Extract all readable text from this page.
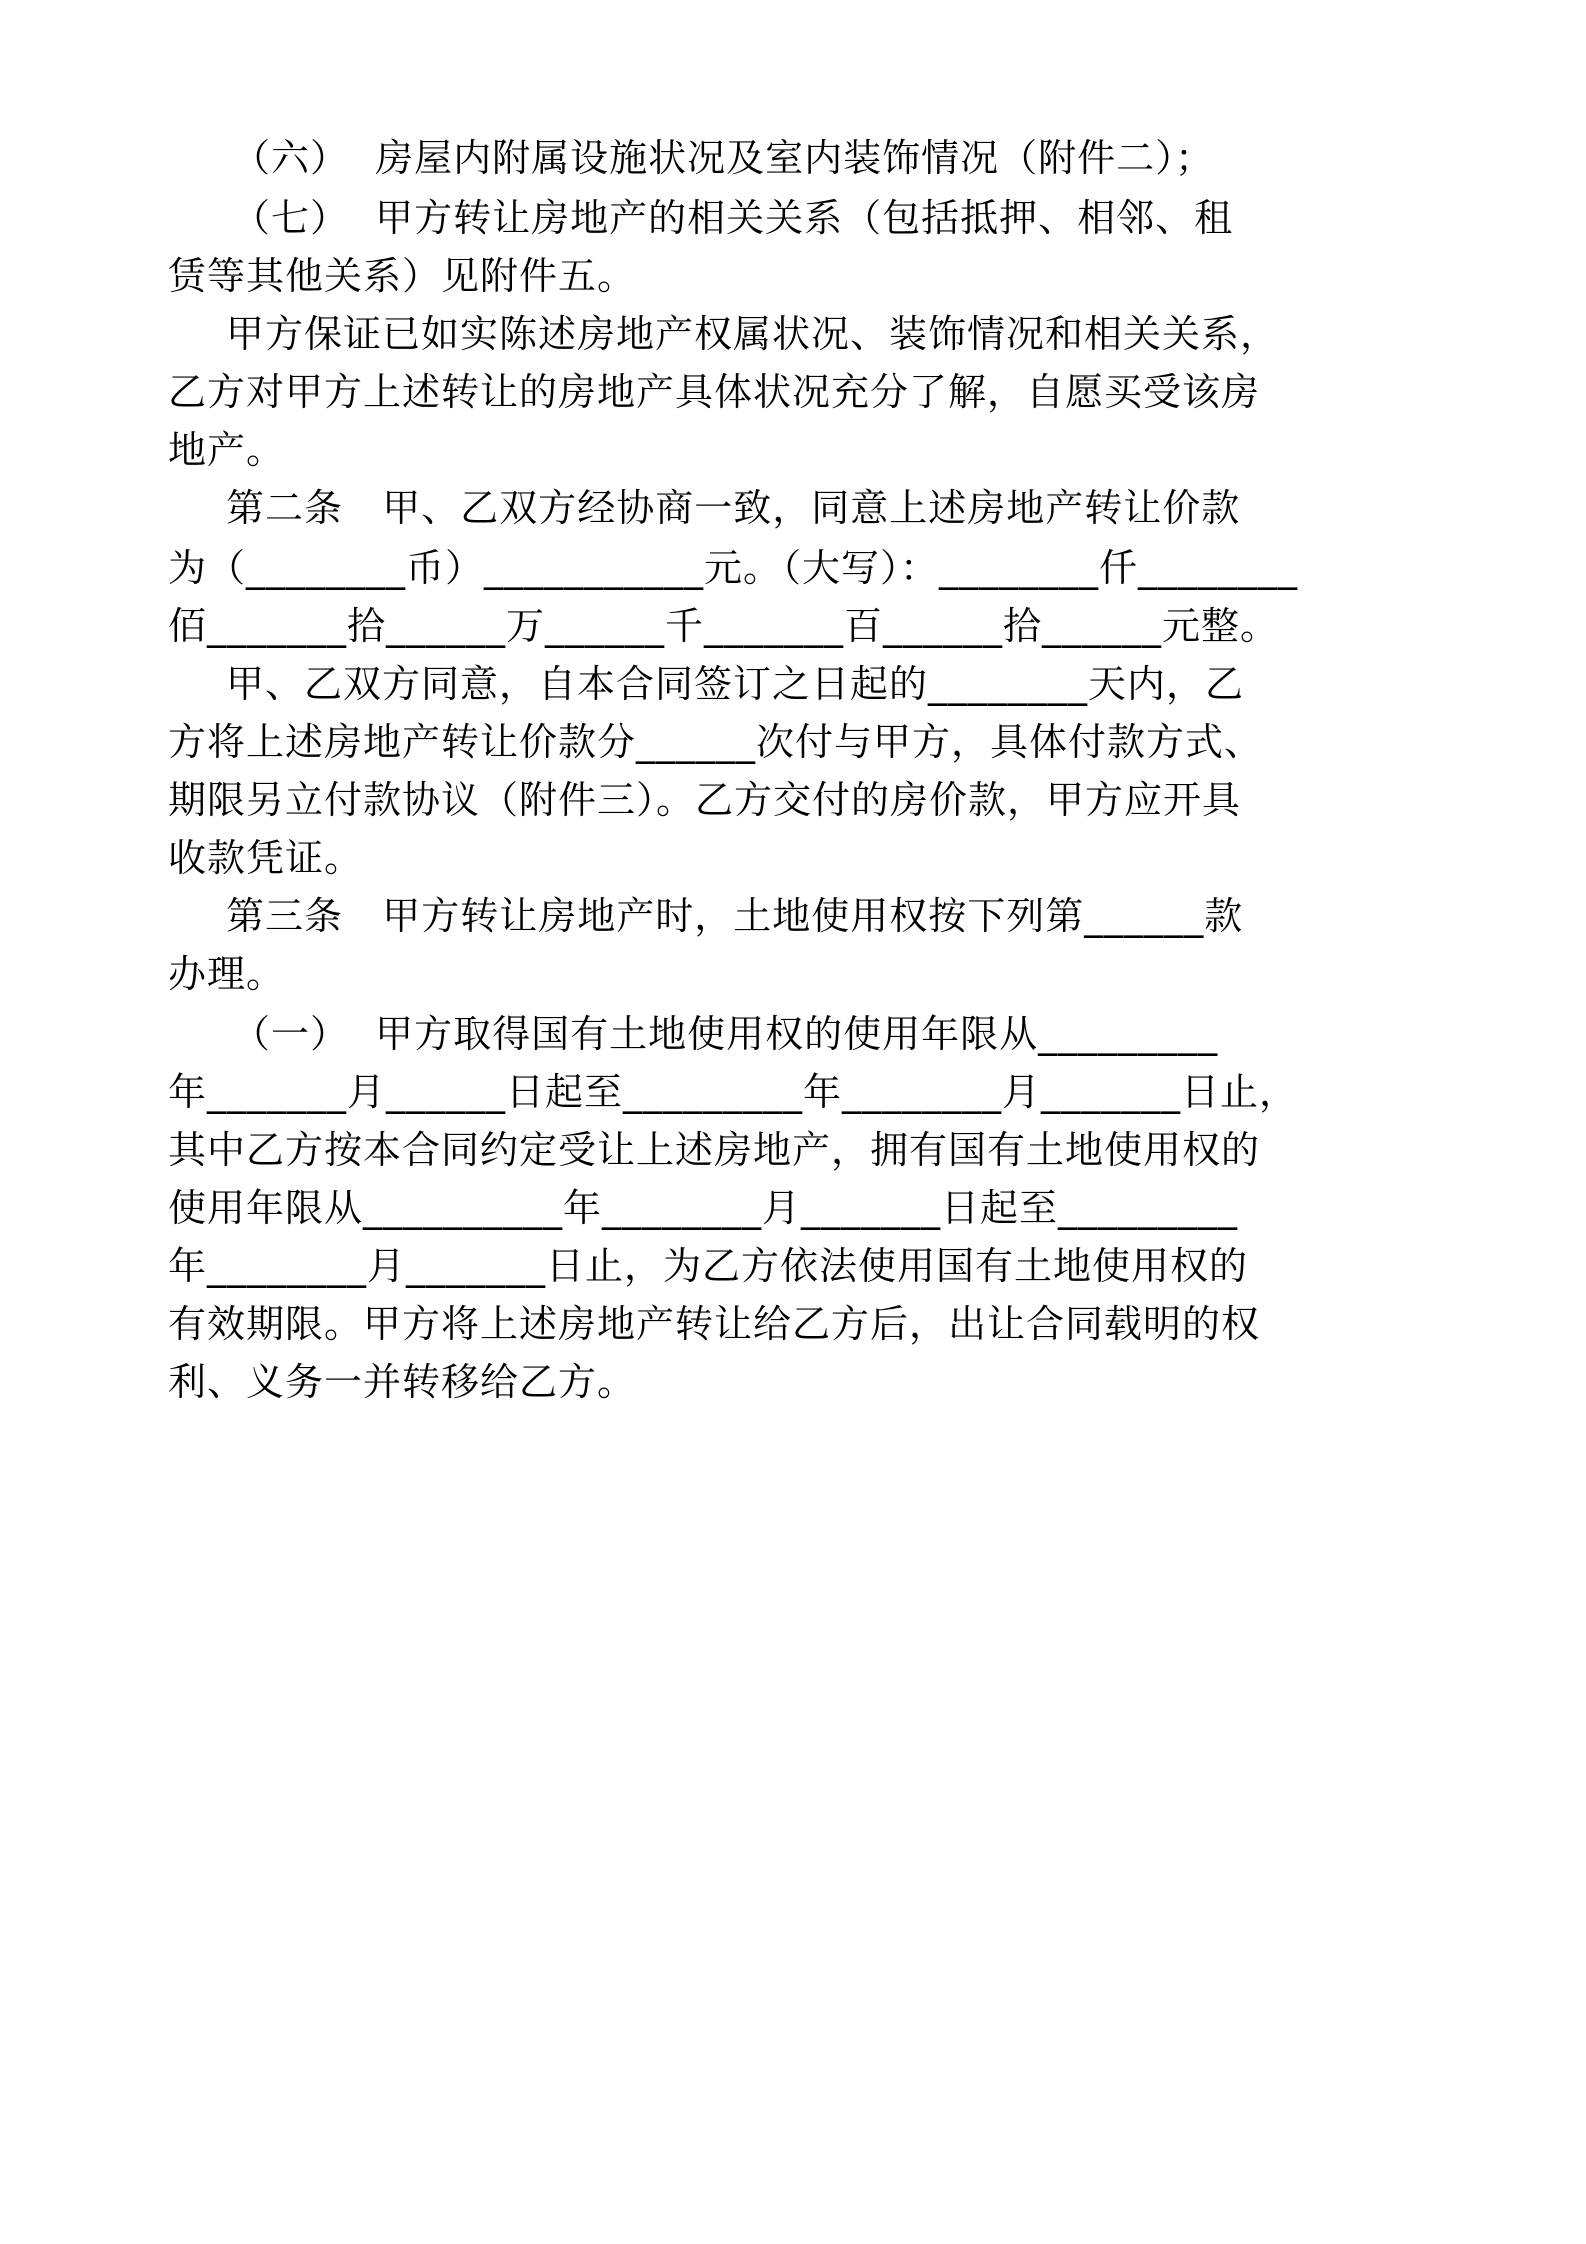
（六）  房屋内附属设施状况及室内装饰情况（附件二）；
（七）  甲方转让房地产的相关关系（包括抵押、相邻、租
赁等其他关系）见附件五。
甲方保证已如实陈述房地产权属状况、装饰情况和相关关系，
乙方对甲方上述转让的房地产具体状况充分了解，自愿买受该房
地产。
第二条   甲、乙双方经协商一致，同意上述房地产转让价款
为（________币）___________元。（大写）：________仟________
佰_______拾______万______千_______百______拾______元整。
甲、乙双方同意，自本合同签订之日起的________天内，乙
方将上述房地产转让价款分______次付与甲方，具体付款方式、
期限另立付款协议（附件三）。乙方交付的房价款，甲方应开具
收款凭证。
第三条   甲方转让房地产时，土地使用权按下列第______款
办理。
（一）  甲方取得国有土地使用权的使用年限从_________
年_______月______日起至_________年________月_______日止，
其中乙方按本合同约定受让上述房地产，拥有国有土地使用权的
使用年限从__________年________月_______日起至_________
年________月_______日止，为乙方依法使用国有土地使用权的
有效期限。甲方将上述房地产转让给乙方后，出让合同载明的权
利、义务一并转移给乙方。
